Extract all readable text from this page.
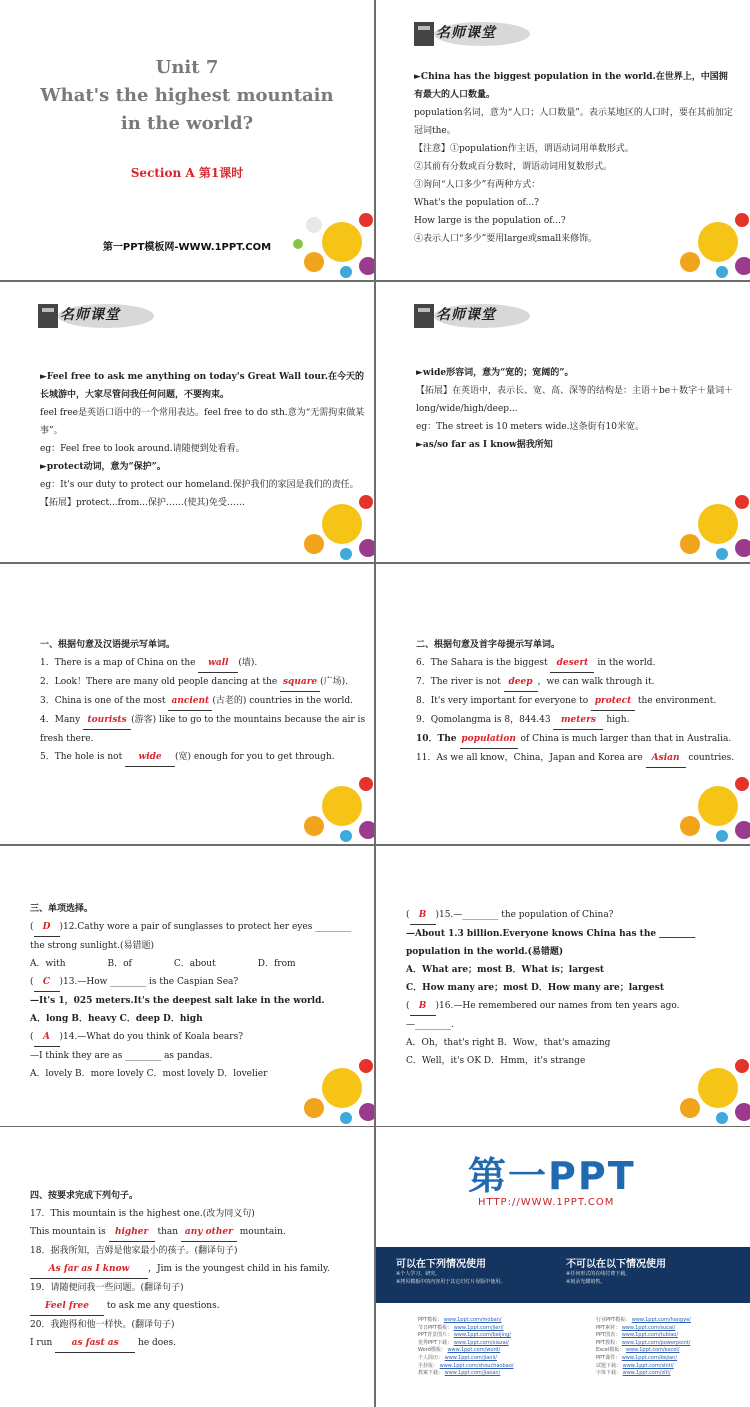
Unit 7
What's the highest mountain
in the world?
Section A 第1课时
第一PPT模板网-WWW.1PPT.COM
名师课堂
►China has the biggest population in the world.在世界上，中国拥有最大的人口数量。
population名词，意为“人口；人口数量”。表示某地区的人口时，要在其前加定冠词the。
【注意】①population作主语，谓语动词用单数形式。
②其前有分数或百分数时，谓语动词用复数形式。
③询问“人口多少”有两种方式：
What's the population of...?
How large is the population of...?
④表示人口“多少”要用large或small来修饰。
名师课堂
►Feel free to ask me anything on today's Great Wall tour.在今天的长城游中，大家尽管问我任何问题，不要拘束。
feel free是英语口语中的一个常用表达。feel free to do sth.意为“无需拘束做某事”。
eg：Feel free to look around.请随便到处看看。
►protect动词，意为“保护”。
eg：It's our duty to protect our homeland.保护我们的家园是我们的责任。
【拓展】protect...from...保护……(使其)免受……
名师课堂
►wide形容词，意为“宽的；宽阔的”。
【拓展】在英语中，表示长、宽、高、深等的结构是：主语＋be＋数字＋量词＋long/wide/high/deep...
eg：The street is 10 meters wide.这条街有10米宽。
►as/so far as I know据我所知
一、根据句意及汉语提示写单词。
1．There is a map of China on the wall (墙).
2．Look！There are many old people dancing at the square (广场).
3．China is one of the most ancient (古老的) countries in the world.
4．Many tourists (游客) like to go to the mountains because the air is fresh there.
5．The hole is not wide (宽) enough for you to get through.
二、根据句意及首字母提示写单词。
6．The Sahara is the biggest desert in the world.
7．The river is not deep ，we can walk through it.
8．It's very important for everyone to protect the environment.
9．Qomolangma is 8，844.43 meters high.
10．The population of China is much larger than that in Australia.
11．As we all know，China，Japan and Korea are Asian countries.
三、单项选择。
( D )12.Cathy wore a pair of sunglasses to protect her eyes ________ the strong sunlight.(易错题)
A．with	B．of	C．about	D．from
( C )13.—How ________ is the Caspian Sea?
—It's 1，025 meters.It's the deepest salt lake in the world.
A．long B．heavy C．deep D．high
( A )14.—What do you think of Koala bears?
—I think they are as ________ as pandas.
A．lovely B．more lovely C．most lovely D．lovelier
( B )15.—________ the population of China?
—About 1.3 billion.Everyone knows China has the ________ population in the world.(易错题)
A．What are；most B．What is；largest
C．How many are；most D．How many are；largest
( B )16.—He remembered our names from ten years ago.
—________.
A．Oh，that's right B．Wow，that's amazing
C．Well，it's OK D．Hmm，it's strange
四、按要求完成下列句子。
17．This mountain is the highest one.(改为同义句)
This mountain is higher than any other mountain.
18．据我所知，吉姆是他家最小的孩子。(翻译句子)
As far as I know ，Jim is the youngest child in his family.
19．请随便问我一些问题。(翻译句子)
Feel free to ask me any questions.
20．我跑得和他一样快。(翻译句子)
I run as fast as he does.
第一PPT
HTTP://WWW.1PPT.COM
可以在下列情况使用
※个人学习、研究。
※拷贝模板中的内容用于其它幻灯片母版中使用。
不可以在以下情况使用
※任何形式的在线付费下载。
※刻录光碟销售。
PPT模板： www.1ppt.com/moban/
节日PPT模板： www.1ppt.com/jieri/
PPT背景图片： www.1ppt.com/beijing/
优秀PPT下载： www.1ppt.com/xiazai/
Word模板： www.1ppt.com/word/
个人简历： www.1ppt.com/jianli/
手抄报： www.1ppt.com/shouchaobao/
教案下载： www.1ppt.com/jiaoan/
行业PPT模板： www.1ppt.com/hangye/
PPT素材： www.1ppt.com/sucai/
PPT图表： www.1ppt.com/tubiao/
PPT教程： www.1ppt.com/powerpoint/
Excel模板： www.1ppt.com/excel/
PPT课件： www.1ppt.com/kejian/
试题下载： www.1ppt.com/shiti/
字体下载： www.1ppt.com/ziti/
